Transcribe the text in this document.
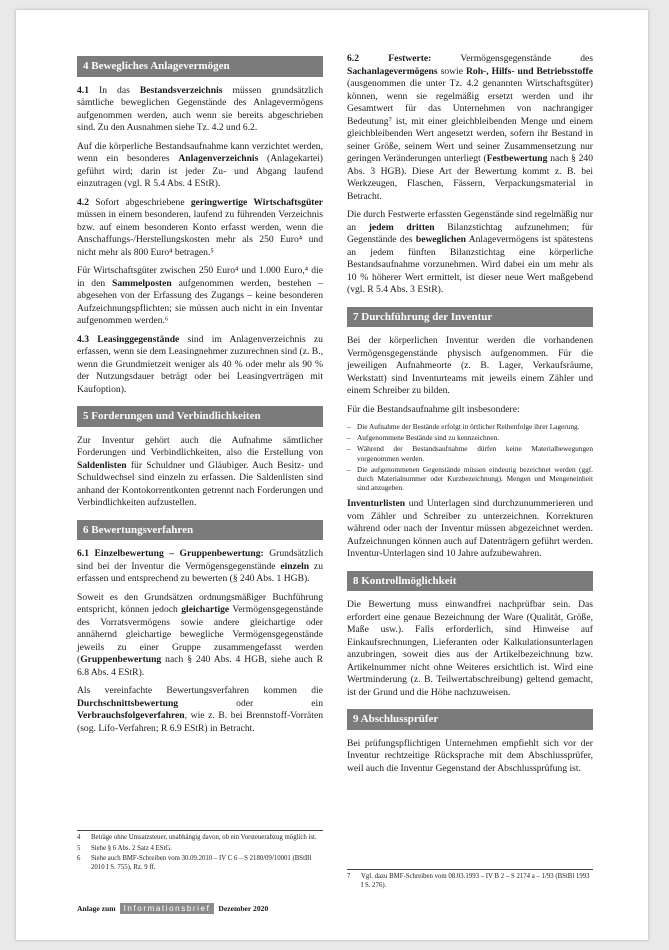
4 Bewegliches Anlagevermögen

4.1 In das Bestandsverzeichnis müssen grundsätzlich sämtliche beweglichen Gegenstände des Anlagevermögens aufgenommen werden, auch wenn sie bereits abgeschrieben sind. Zu den Ausnahmen siehe Tz. 4.2 und 6.2.

Auf die körperliche Bestandsaufnahme kann verzichtet werden, wenn ein besonderes Anlagenverzeichnis (Anlagekartei) geführt wird; darin ist jeder Zu- und Abgang laufend einzutragen (vgl. R 5.4 Abs. 4 EStR).

4.2 Sofort abgeschriebene geringwertige Wirtschaftsgüter müssen in einem besonderen, laufend zu führenden Verzeichnis bzw. auf einem besonderen Konto erfasst werden, wenn die Anschaffungs-/Herstellungskosten mehr als 250 Euro⁴ und nicht mehr als 800 Euro⁴ betragen.⁵

Für Wirtschaftsgüter zwischen 250 Euro⁴ und 1.000 Euro,⁴ die in den Sammelposten aufgenommen werden, bestehen – abgesehen von der Erfassung des Zugangs – keine besonderen Aufzeichnungspflichten; sie müssen auch nicht in ein Inventar aufgenommen werden.⁶

4.3 Leasinggegenstände sind im Anlagenverzeichnis zu erfassen, wenn sie dem Leasingnehmer zuzurechnen sind (z. B., wenn die Grundmietzeit weniger als 40 % oder mehr als 90 % der Nutzungsdauer beträgt oder bei Leasingverträgen mit Kaufoption).

5 Forderungen und Verbindlichkeiten

Zur Inventur gehört auch die Aufnahme sämtlicher Forderungen und Verbindlichkeiten, also die Erstellung von Saldenlisten für Schuldner und Gläubiger. Auch Besitz- und Schuldwechsel sind einzeln zu erfassen. Die Saldenlisten sind anhand der Kontokorrentkonten getrennt nach Forderungen und Verbindlichkeiten aufzustellen.

6 Bewertungsverfahren

6.1 Einzelbewertung – Gruppenbewertung: Grundsätzlich sind bei der Inventur die Vermögensgegenstände einzeln zu erfassen und entsprechend zu bewerten (§ 240 Abs. 1 HGB).

Soweit es den Grundsätzen ordnungsmäßiger Buchführung entspricht, können jedoch gleichartige Vermögensgegenstände des Vorratsvermögens sowie andere gleichartige oder annähernd gleichartige bewegliche Vermögensgegenstände jeweils zu einer Gruppe zusammengefasst werden (Gruppenbewertung nach § 240 Abs. 4 HGB, siehe auch R 6.8 Abs. 4 EStR).

Als vereinfachte Bewertungsverfahren kommen die Durchschnittsbewertung oder ein Verbrauchsfolgeverfahren, wie z. B. bei Brennstoff-Vorräten (sog. Lifo-Verfahren; R 6.9 EStR) in Betracht.

6.2 Festwerte: Vermögensgegenstände des Sachanlagevermögens sowie Roh-, Hilfs- und Betriebsstoffe (ausgenommen die unter Tz. 4.2 genannten Wirtschaftsgüter) können, wenn sie regelmäßig ersetzt werden und ihr Gesamtwert für das Unternehmen von nachrangiger Bedeutung⁷ ist, mit einer gleichbleibenden Menge und einem gleichbleibenden Wert angesetzt werden, sofern ihr Bestand in seiner Größe, seinem Wert und seiner Zusammensetzung nur geringen Veränderungen unterliegt (Festbewertung nach § 240 Abs. 3 HGB). Diese Art der Bewertung kommt z. B. bei Werkzeugen, Flaschen, Fässern, Verpackungsmaterial in Betracht.

Die durch Festwerte erfassten Gegenstände sind regelmäßig nur an jedem dritten Bilanzstichtag aufzunehmen; für Gegenstände des beweglichen Anlagevermögens ist spätestens an jedem fünften Bilanzstichtag eine körperliche Bestandsaufnahme vorzunehmen. Wird dabei ein um mehr als 10 % höherer Wert ermittelt, ist dieser neue Wert maßgebend (vgl. R 5.4 Abs. 3 EStR).

7 Durchführung der Inventur

Bei der körperlichen Inventur werden die vorhandenen Vermögensgegenstände physisch aufgenommen. Für die jeweiligen Aufnahmeorte (z. B. Lager, Verkaufsräume, Werkstatt) sind Inventurteams mit jeweils einem Zähler und einem Schreiber zu bilden.

Für die Bestandsaufnahme gilt insbesondere:

– Die Aufnahme der Bestände erfolgt in örtlicher Reihenfolge ihrer Lagerung.
– Aufgenommene Bestände sind zu kennzeichnen.
– Während der Bestandsaufnahme dürfen keine Materialbewegungen vorgenommen werden.
– Die aufgenommenen Gegenstände müssen eindeutig bezeichnet werden (ggf. durch Materialnummer oder Kurzbezeichnung). Mengen und Mengeneinheit sind anzugeben.

Inventurlisten und Unterlagen sind durchzunummerieren und vom Zähler und Schreiber zu unterzeichnen. Korrekturen während oder nach der Inventur müssen abgezeichnet werden. Aufzeichnungen können auch auf Datenträgern geführt werden. Inventur-Unterlagen sind 10 Jahre aufzubewahren.

8 Kontrollmöglichkeit

Die Bewertung muss einwandfrei nachprüfbar sein. Das erfordert eine genaue Bezeichnung der Ware (Qualität, Größe, Maße usw.). Falls erforderlich, sind Hinweise auf Einkaufsrechnungen, Lieferanten oder Kalkulationsunterlagen anzubringen, soweit dies aus der Artikelbezeichnung bzw. Artikelnummer nicht ohne Weiteres ersichtlich ist. Wird eine Wertminderung (z. B. Teilwertabschreibung) geltend gemacht, ist der Grund und die Höhe nachzuweisen.

9 Abschlussprüfer

Bei prüfungspflichtigen Unternehmen empfiehlt sich vor der Inventur rechtzeitige Rücksprache mit dem Abschlussprüfer, weil auch die Inventur Gegenstand der Abschlussprüfung ist.

4	Beträge ohne Umsatzsteuer, unabhängig davon, ob ein Vorsteuerabzug möglich ist.
5	Siehe § 6 Abs. 2 Satz 4 EStG.
6	Siehe auch BMF-Schreiben vom 30.09.2010 – IV C 6 – S 2180/09/10001 (BStBl 2010 I S. 755), Rz. 9 ff.
7	Vgl. dazu BMF-Schreiben vom 08.03.1993 – IV B 2 – S 2174 a – 1/93 (BStBl 1993 I S. 276).
Anlage zum	Informationsbrief	Dezember 2020
